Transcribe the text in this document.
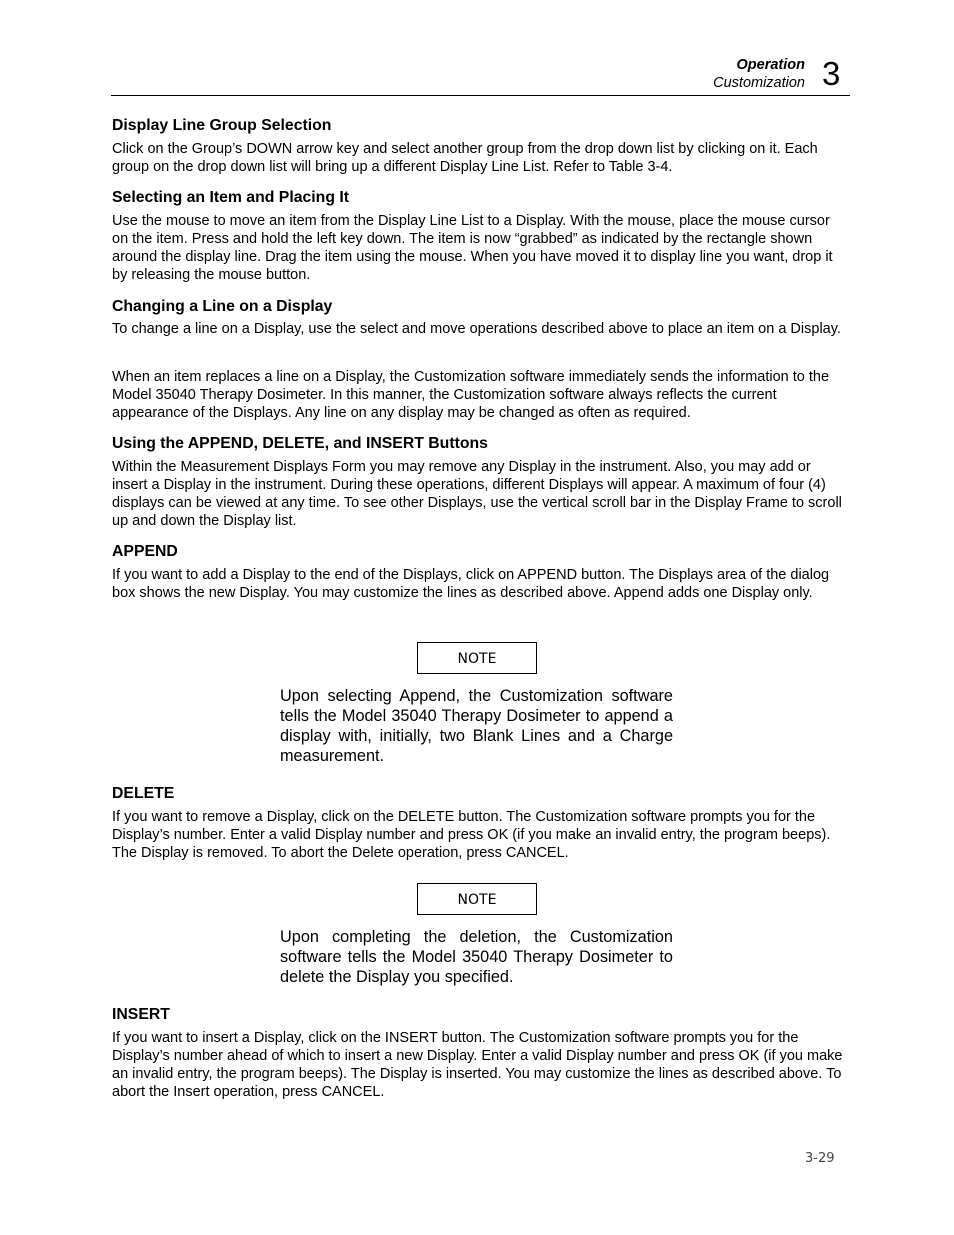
Operation
Customization 3
Display Line Group Selection

Click on the Group’s DOWN arrow key and select another group from the drop down list by clicking on it. Each group on the drop down list will bring up a different Display Line List. Refer to Table 3-4.

Selecting an Item and Placing It

Use the mouse to move an item from the Display Line List to a Display. With the mouse, place the mouse cursor on the item. Press and hold the left key down. The item is now “grabbed” as indicated by the rectangle shown around the display line. Drag the item using the mouse. When you have moved it to display line you want, drop it by releasing the mouse button.

Changing a Line on a Display

To change a line on a Display, use the select and move operations described above to place an item on a Display.

When an item replaces a line on a Display, the Customization software immediately sends the information to the Model 35040 Therapy Dosimeter. In this manner, the Customization software always reflects the current appearance of the Displays. Any line on any display may be changed as often as required.

Using the APPEND, DELETE, and INSERT Buttons

Within the Measurement Displays Form you may remove any Display in the instrument. Also, you may add or insert a Display in the instrument. During these operations, different Displays will appear. A maximum of four (4) displays can be viewed at any time. To see other Displays, use the vertical scroll bar in the Display Frame to scroll up and down the Display list.

APPEND

If you want to add a Display to the end of the Displays, click on APPEND button. The Displays area of the dialog box shows the new Display. You may customize the lines as described above. Append adds one Display only.

NOTE

Upon selecting Append, the Customization software tells the Model 35040 Therapy Dosimeter to append a display with, initially, two Blank Lines and a Charge measurement.

DELETE

If you want to remove a Display, click on the DELETE button. The Customization software prompts you for the Display’s number. Enter a valid Display number and press OK (if you make an invalid entry, the program beeps). The Display is removed. To abort the Delete operation, press CANCEL.

NOTE

Upon completing the deletion, the Customization software tells the Model 35040 Therapy Dosimeter to delete the Display you specified.

INSERT

If you want to insert a Display, click on the INSERT button. The Customization software prompts you for the Display’s number ahead of which to insert a new Display. Enter a valid Display number and press OK (if you make an invalid entry, the program beeps). The Display is inserted. You may customize the lines as described above. To abort the Insert operation, press CANCEL.

3-29
